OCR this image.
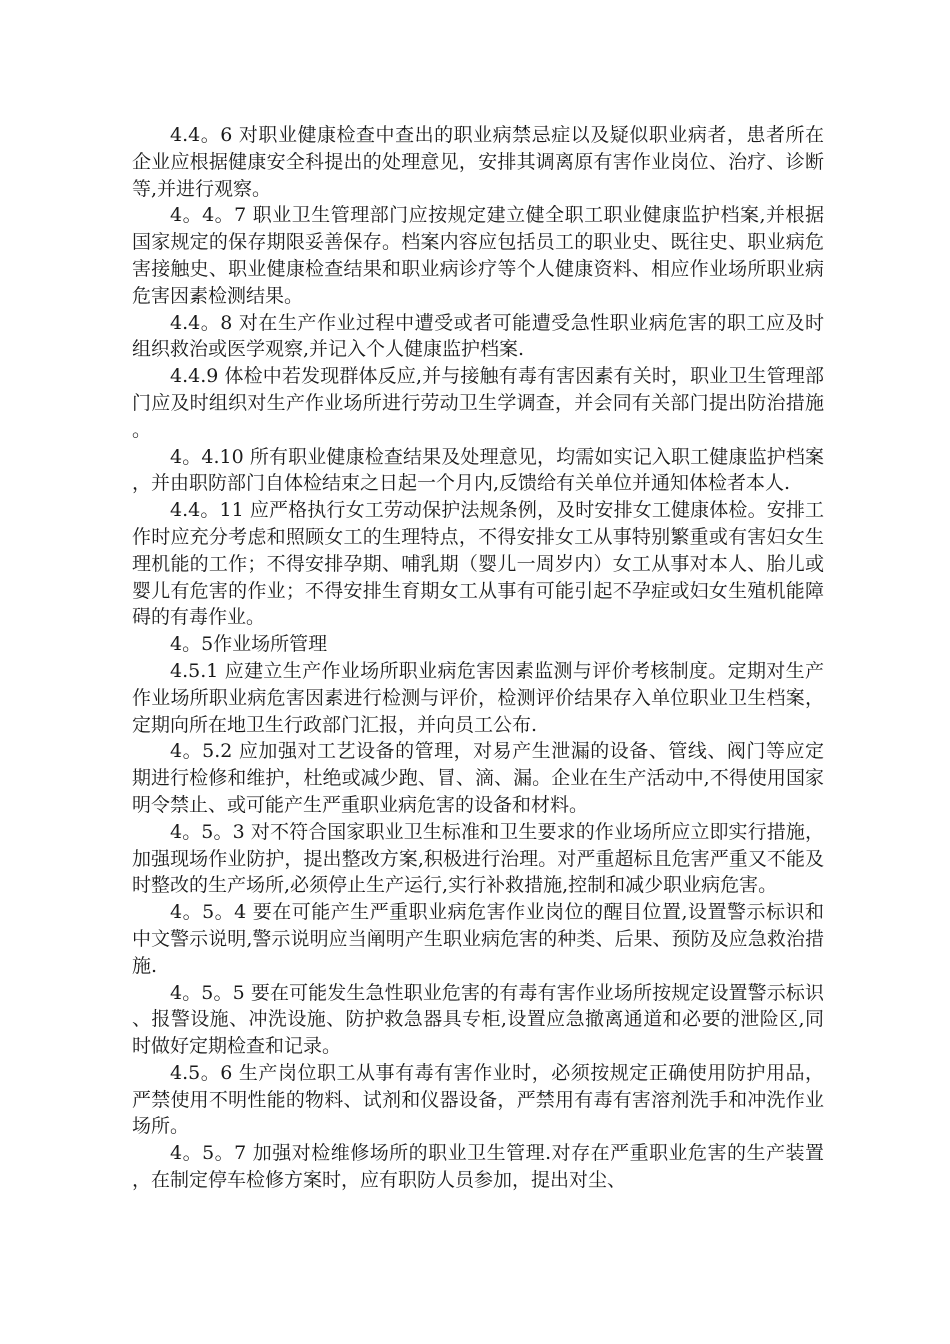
4.4。6 对职业健康检查中查出的职业病禁忌症以及疑似职业病者，患者所在企业应根据健康安全科提出的处理意见，安排其调离原有害作业岗位、治疗、诊断等,并进行观察。

4。4。7 职业卫生管理部门应按规定建立健全职工职业健康监护档案,并根据国家规定的保存期限妥善保存。档案内容应包括员工的职业史、既往史、职业病危害接触史、职业健康检查结果和职业病诊疗等个人健康资料、相应作业场所职业病危害因素检测结果。

4.4。8 对在生产作业过程中遭受或者可能遭受急性职业病危害的职工应及时组织救治或医学观察,并记入个人健康监护档案.

4.4.9 体检中若发现群体反应,并与接触有毒有害因素有关时，职业卫生管理部门应及时组织对生产作业场所进行劳动卫生学调查，并会同有关部门提出防治措施。

4。4.10 所有职业健康检查结果及处理意见，均需如实记入职工健康监护档案，并由职防部门自体检结束之日起一个月内,反馈给有关单位并通知体检者本人.

4.4。11 应严格执行女工劳动保护法规条例，及时安排女工健康体检。安排工作时应充分考虑和照顾女工的生理特点，不得安排女工从事特别繁重或有害妇女生理机能的工作；不得安排孕期、哺乳期（婴儿一周岁内）女工从事对本人、胎儿或婴儿有危害的作业；不得安排生育期女工从事有可能引起不孕症或妇女生殖机能障碍的有毒作业。

4。5作业场所管理

4.5.1 应建立生产作业场所职业病危害因素监测与评价考核制度。定期对生产作业场所职业病危害因素进行检测与评价，检测评价结果存入单位职业卫生档案，定期向所在地卫生行政部门汇报，并向员工公布.

4。5.2 应加强对工艺设备的管理，对易产生泄漏的设备、管线、阀门等应定期进行检修和维护，杜绝或减少跑、冒、滴、漏。企业在生产活动中,不得使用国家明令禁止、或可能产生严重职业病危害的设备和材料。

4。5。3 对不符合国家职业卫生标准和卫生要求的作业场所应立即实行措施，加强现场作业防护，提出整改方案,积极进行治理。对严重超标且危害严重又不能及时整改的生产场所,必须停止生产运行,实行补救措施,控制和减少职业病危害。

4。5。4 要在可能产生严重职业病危害作业岗位的醒目位置,设置警示标识和中文警示说明,警示说明应当阐明产生职业病危害的种类、后果、预防及应急救治措施.

4。5。5 要在可能发生急性职业危害的有毒有害作业场所按规定设置警示标识、报警设施、冲洗设施、防护救急器具专柜,设置应急撤离通道和必要的泄险区,同时做好定期检查和记录。

4.5。6 生产岗位职工从事有毒有害作业时，必须按规定正确使用防护用品，严禁使用不明性能的物料、试剂和仪器设备，严禁用有毒有害溶剂洗手和冲洗作业场所。

4。5。7 加强对检维修场所的职业卫生管理.对存在严重职业危害的生产装置，在制定停车检修方案时，应有职防人员参加，提出对尘、
